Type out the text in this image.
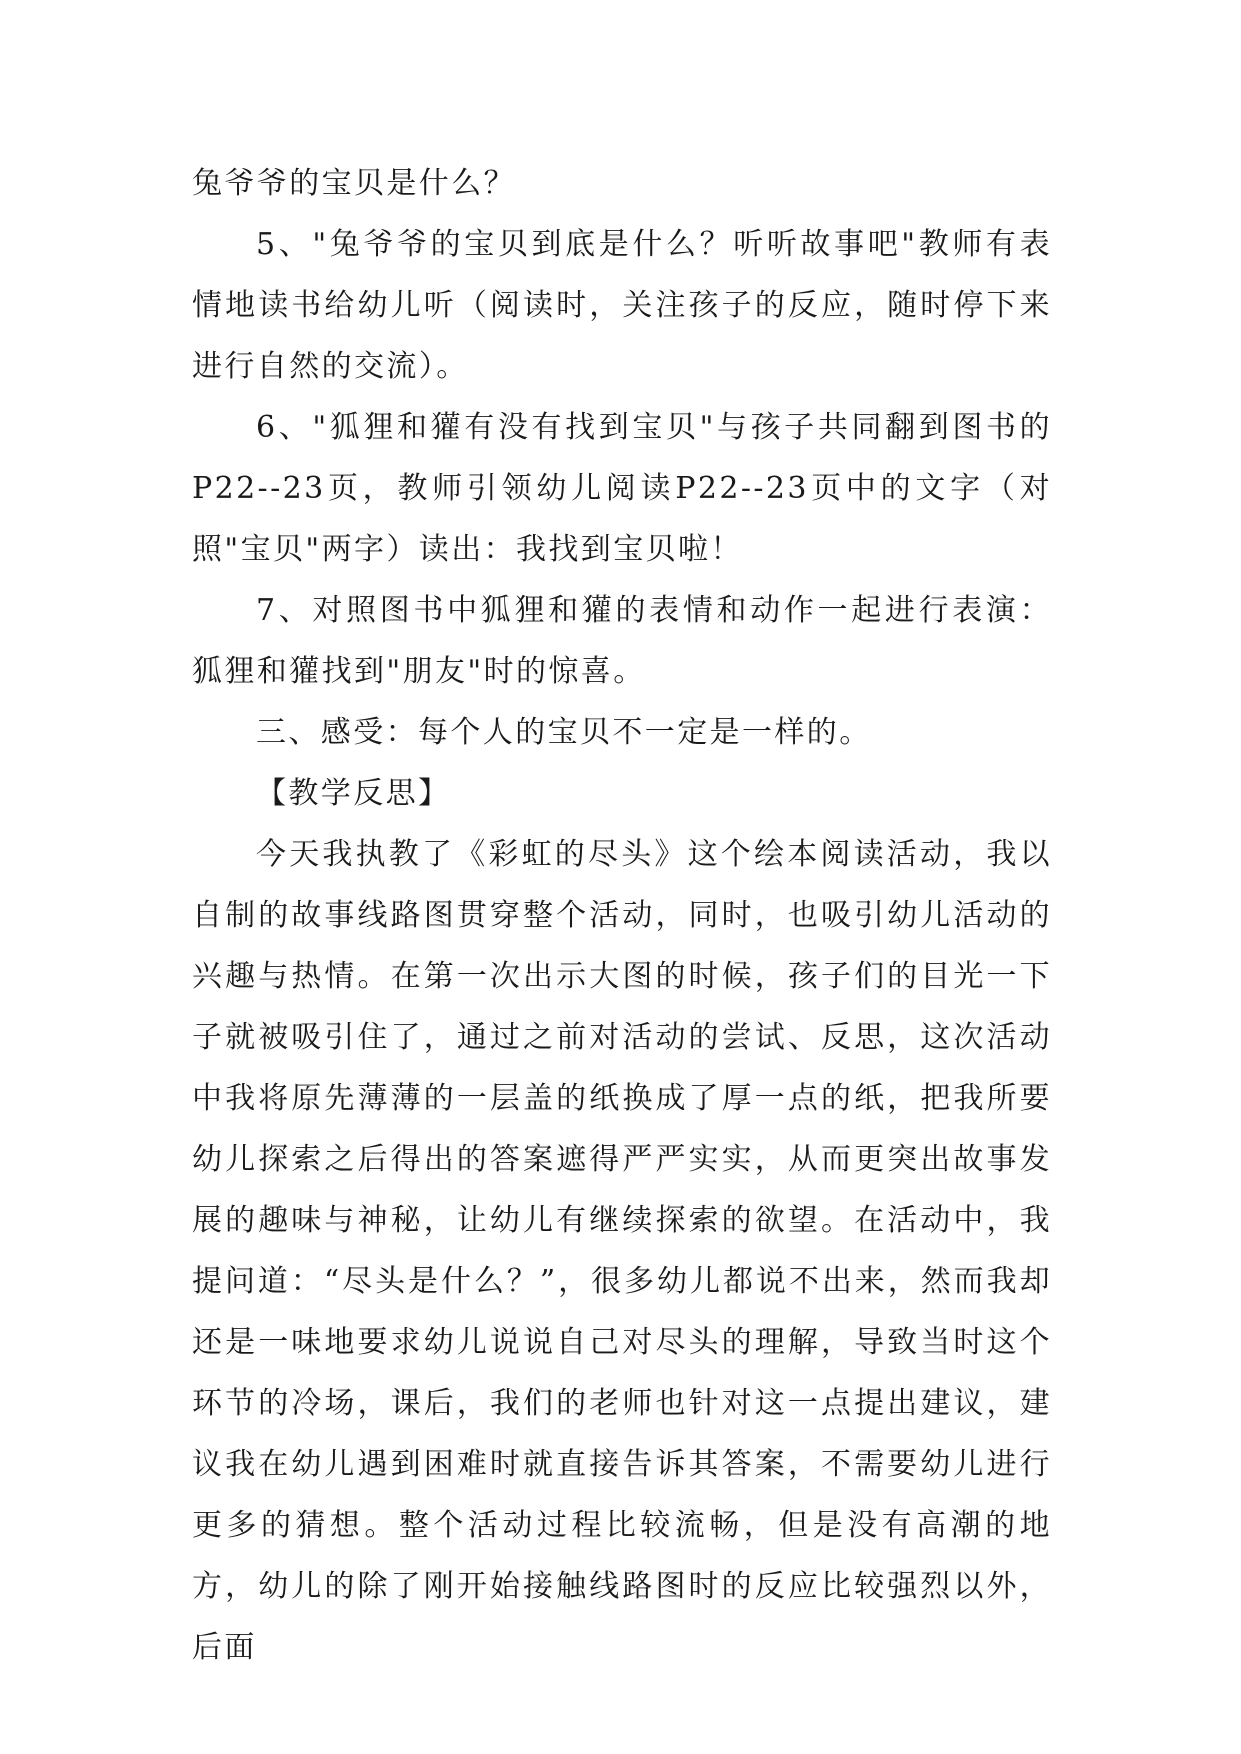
兔爷爷的宝贝是什么？

5、"兔爷爷的宝贝到底是什么？听听故事吧"教师有表情地读书给幼儿听（阅读时，关注孩子的反应，随时停下来进行自然的交流）。

6、"狐狸和獾有没有找到宝贝"与孩子共同翻到图书的P22--23页，教师引领幼儿阅读P22--23页中的文字（对照"宝贝"两字）读出：我找到宝贝啦！

7、对照图书中狐狸和獾的表情和动作一起进行表演：狐狸和獾找到"朋友"时的惊喜。

三、感受：每个人的宝贝不一定是一样的。

【教学反思】

今天我执教了《彩虹的尽头》这个绘本阅读活动，我以自制的故事线路图贯穿整个活动，同时，也吸引幼儿活动的兴趣与热情。在第一次出示大图的时候，孩子们的目光一下子就被吸引住了，通过之前对活动的尝试、反思，这次活动中我将原先薄薄的一层盖的纸换成了厚一点的纸，把我所要幼儿探索之后得出的答案遮得严严实实，从而更突出故事发展的趣味与神秘，让幼儿有继续探索的欲望。在活动中，我提问道：“尽头是什么？”，很多幼儿都说不出来，然而我却还是一味地要求幼儿说说自己对尽头的理解，导致当时这个环节的冷场，课后，我们的老师也针对这一点提出建议，建议我在幼儿遇到困难时就直接告诉其答案，不需要幼儿进行更多的猜想。整个活动过程比较流畅，但是没有高潮的地方，幼儿的除了刚开始接触线路图时的反应比较强烈以外，后面
